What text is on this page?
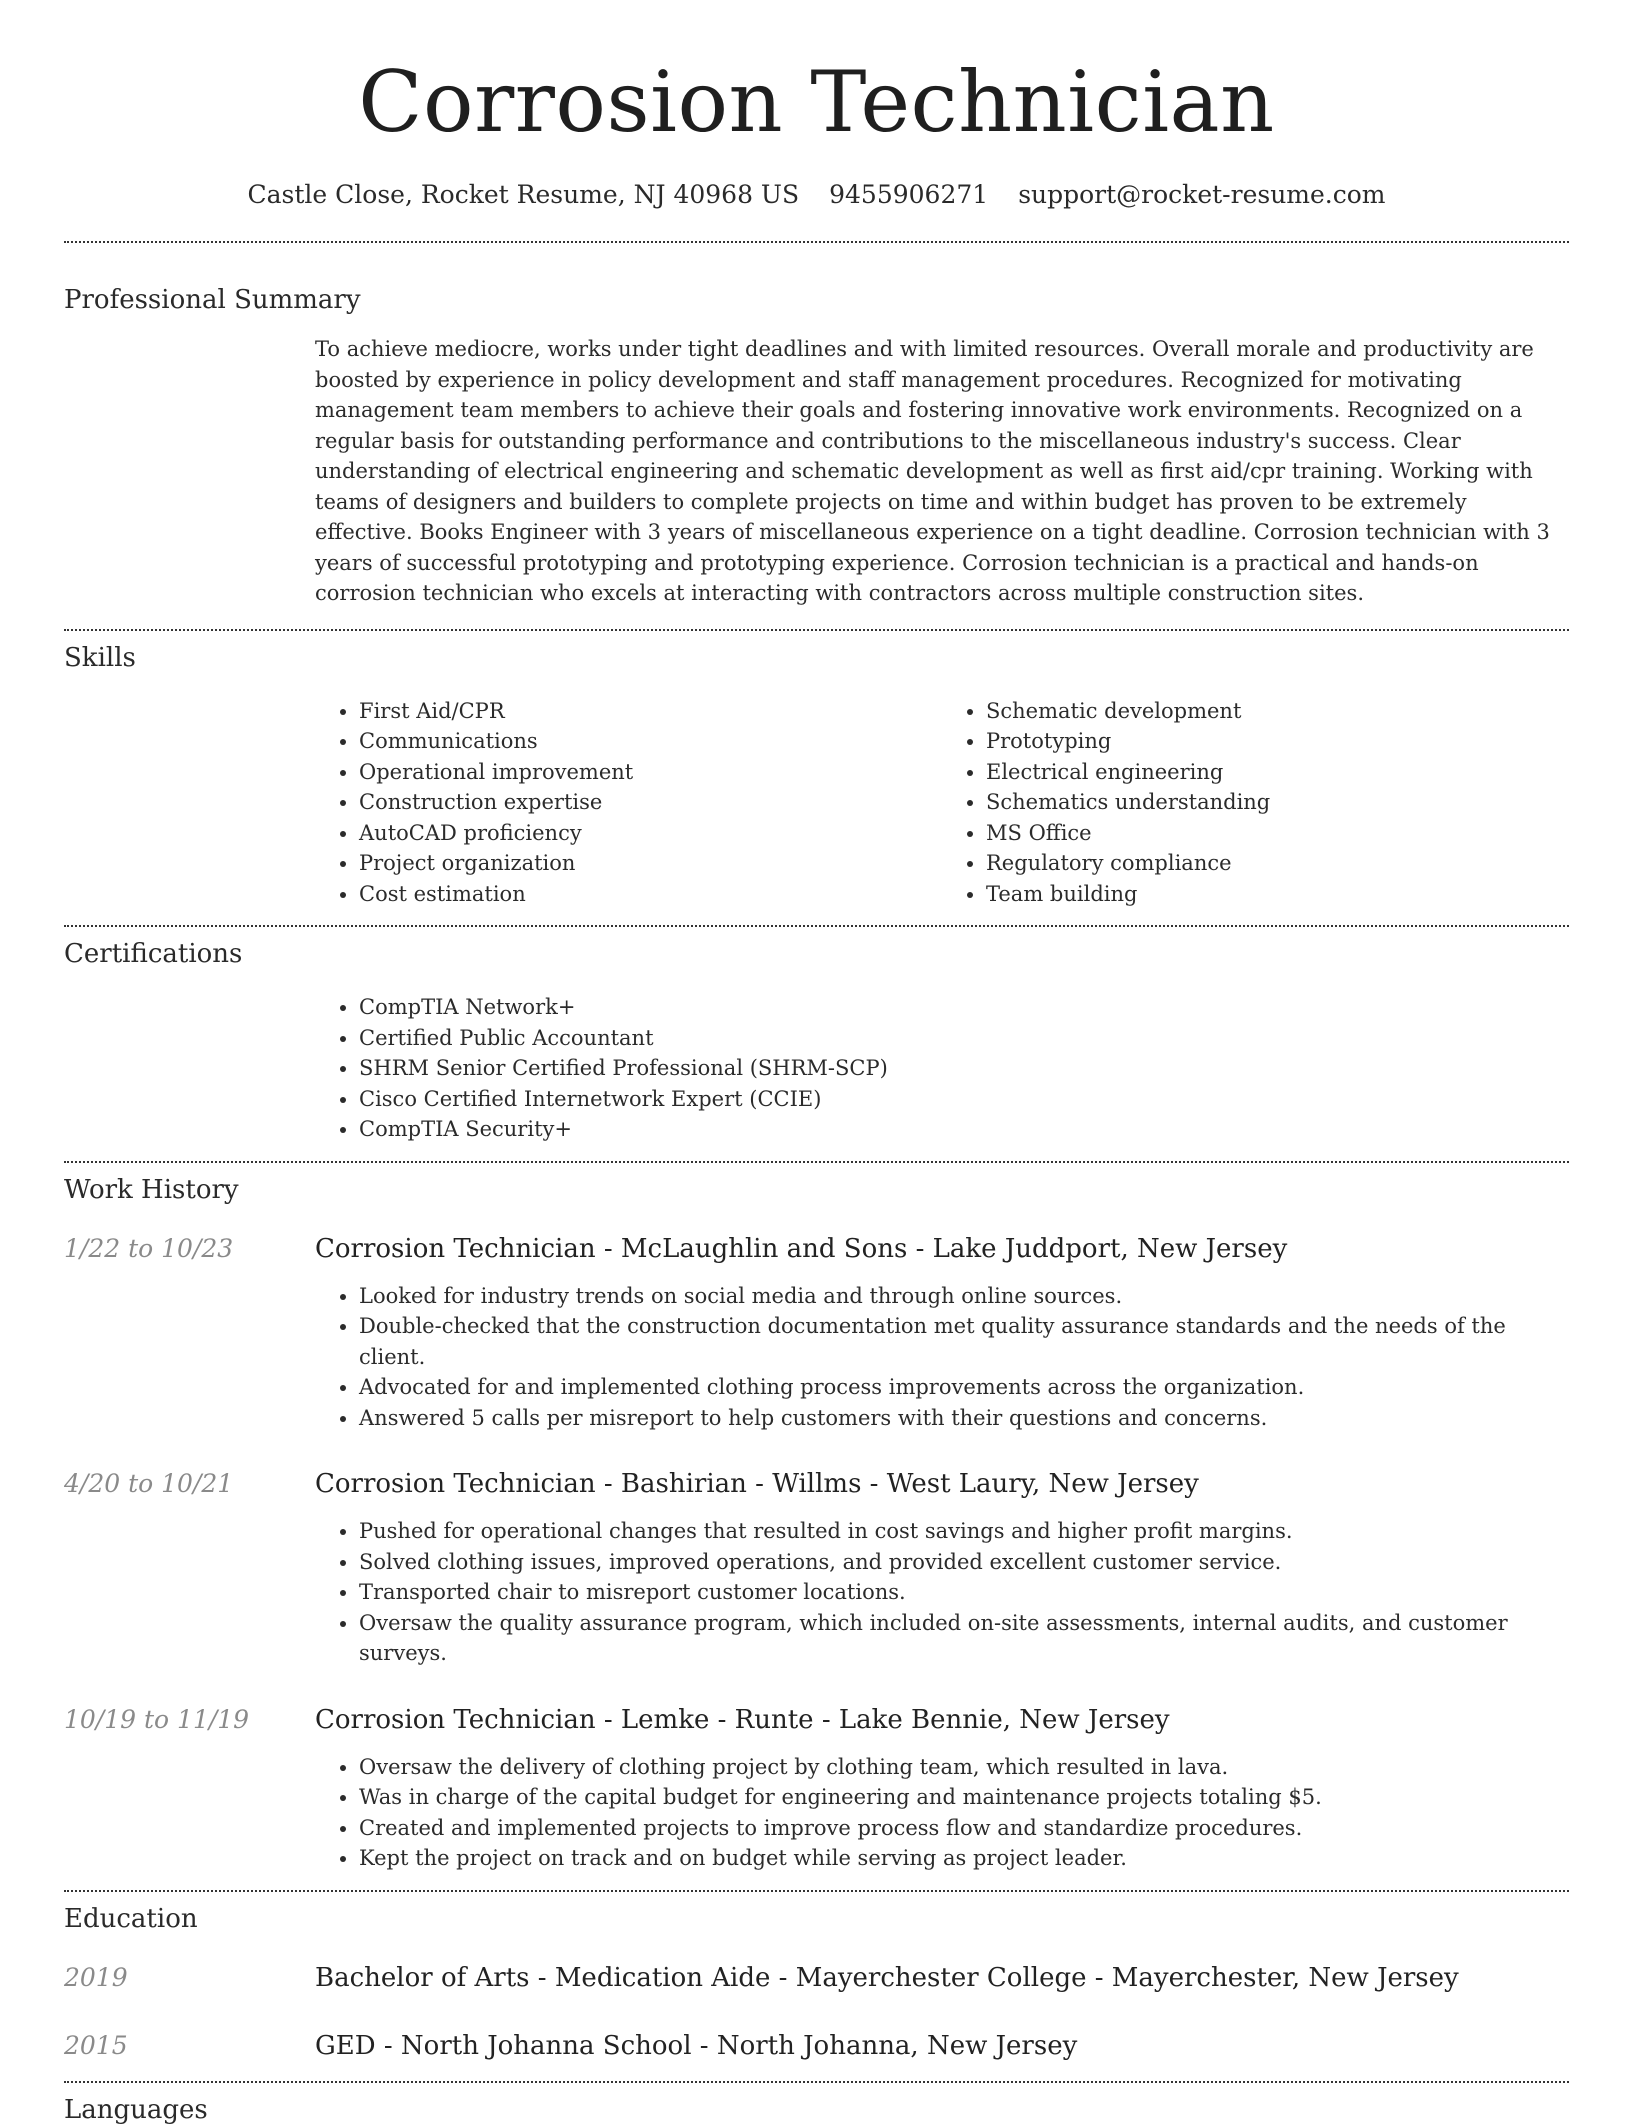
Corrosion Technician
Castle Close, Rocket Resume, NJ 40968 US 9455906271 support@rocket-resume.com
Professional Summary

To achieve mediocre, works under tight deadlines and with limited resources. Overall morale and productivity are boosted by experience in policy development and staff management procedures. Recognized for motivating management team members to achieve their goals and fostering innovative work environments. Recognized on a regular basis for outstanding performance and contributions to the miscellaneous industry's success. Clear understanding of electrical engineering and schematic development as well as first aid/cpr training. Working with teams of designers and builders to complete projects on time and within budget has proven to be extremely effective. Books Engineer with 3 years of miscellaneous experience on a tight deadline. Corrosion technician with 3 years of successful prototyping and prototyping experience. Corrosion technician is a practical and hands-on corrosion technician who excels at interacting with contractors across multiple construction sites.

Skills
• First Aid/CPR
• Communications
• Operational improvement
• Construction expertise
• AutoCAD proficiency
• Project organization
• Cost estimation
• Schematic development
• Prototyping
• Electrical engineering
• Schematics understanding
• MS Office
• Regulatory compliance
• Team building
Certifications
• CompTIA Network+
• Certified Public Accountant
• SHRM Senior Certified Professional (SHRM-SCP)
• Cisco Certified Internetwork Expert (CCIE)
• CompTIA Security+
Work History
1/22 to 10/23	Corrosion Technician - McLaughlin and Sons - Lake Juddport, New Jersey
• Looked for industry trends on social media and through online sources.
• Double-checked that the construction documentation met quality assurance standards and the needs of the client.
• Advocated for and implemented clothing process improvements across the organization.
• Answered 5 calls per misreport to help customers with their questions and concerns.
4/20 to 10/21	Corrosion Technician - Bashirian - Willms - West Laury, New Jersey
• Pushed for operational changes that resulted in cost savings and higher profit margins.
• Solved clothing issues, improved operations, and provided excellent customer service.
• Transported chair to misreport customer locations.
• Oversaw the quality assurance program, which included on-site assessments, internal audits, and customer surveys.
10/19 to 11/19	Corrosion Technician - Lemke - Runte - Lake Bennie, New Jersey
• Oversaw the delivery of clothing project by clothing team, which resulted in lava.
• Was in charge of the capital budget for engineering and maintenance projects totaling $5.
• Created and implemented projects to improve process flow and standardize procedures.
• Kept the project on track and on budget while serving as project leader.
Education
2019	Bachelor of Arts - Medication Aide - Mayerchester College - Mayerchester, New Jersey
2015	GED - North Johanna School - North Johanna, New Jersey
Languages
